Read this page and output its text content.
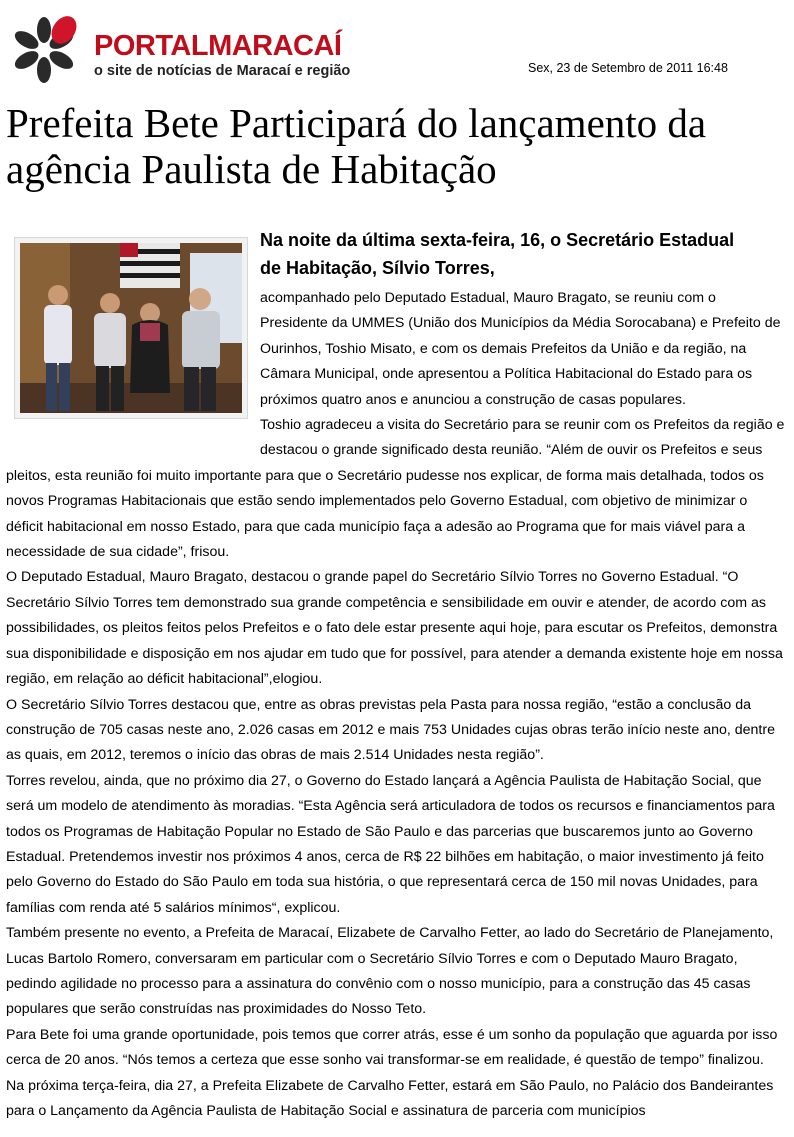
PORTALMARACAÍ
o site de notícias de Maracaí e região	Sex, 23 de Setembro de 2011 16:48
Prefeita Bete Participará do lançamento da agência Paulista de Habitação
Na noite da última sexta-feira, 16, o Secretário Estadual de Habitação, Sílvio Torres,

acompanhado pelo Deputado Estadual, Mauro Bragato, se reuniu com o Presidente da UMMES (União dos Municípios da Média Sorocabana) e Prefeito de Ourinhos, Toshio Misato, e com os demais Prefeitos da União e da região, na Câmara Municipal, onde apresentou a Política Habitacional do Estado para os próximos quatro anos e anunciou a construção de casas populares.

Toshio agradeceu a visita do Secretário para se reunir com os Prefeitos da região e destacou o grande significado desta reunião. “Além de ouvir os Prefeitos e seus pleitos, esta reunião foi muito importante para que o Secretário pudesse nos explicar, de forma mais detalhada, todos os novos Programas Habitacionais que estão sendo implementados pelo Governo Estadual, com objetivo de minimizar o déficit habitacional em nosso Estado, para que cada município faça a adesão ao Programa que for mais viável para a necessidade de sua cidade”, frisou.

O Deputado Estadual, Mauro Bragato, destacou o grande papel do Secretário Sílvio Torres no Governo Estadual. “O Secretário Sílvio Torres tem demonstrado sua grande competência e sensibilidade em ouvir e atender, de acordo com as possibilidades, os pleitos feitos pelos Prefeitos e o fato dele estar presente aqui hoje, para escutar os Prefeitos, demonstra sua disponibilidade e disposição em nos ajudar em tudo que for possível, para atender a demanda existente hoje em nossa região, em relação ao déficit habitacional”,elogiou.

O Secretário Sílvio Torres destacou que, entre as obras previstas pela Pasta para nossa região, “estão a conclusão da construção de 705 casas neste ano, 2.026 casas em 2012 e mais 753 Unidades cujas obras terão início neste ano, dentre as quais, em 2012, teremos o início das obras de mais 2.514 Unidades nesta região”.

Torres revelou, ainda, que no próximo dia 27, o Governo do Estado lançará a Agência Paulista de Habitação Social, que será um modelo de atendimento às moradias. “Esta Agência será articuladora de todos os recursos e financiamentos para todos os Programas de Habitação Popular no Estado de São Paulo e das parcerias que buscaremos junto ao Governo Estadual. Pretendemos investir nos próximos 4 anos, cerca de R$ 22 bilhões em habitação, o maior investimento já feito pelo Governo do Estado do São Paulo em toda sua história, o que representará cerca de 150 mil novas Unidades, para famílias com renda até 5 salários mínimos“, explicou.

Também presente no evento, a Prefeita de Maracaí, Elizabete de Carvalho Fetter, ao lado do Secretário de Planejamento, Lucas Bartolo Romero, conversaram em particular com o Secretário Sílvio Torres e com o Deputado Mauro Bragato, pedindo agilidade no processo para a assinatura do convênio com o nosso município, para a construção das 45 casas populares que serão construídas nas proximidades do Nosso Teto.

Para Bete foi uma grande oportunidade, pois temos que correr atrás, esse é um sonho da população que aguarda por isso cerca de 20 anos. “Nós temos a certeza que esse sonho vai transformar-se em realidade, é questão de tempo” finalizou.

Na próxima terça-feira, dia 27, a Prefeita Elizabete de Carvalho Fetter, estará em São Paulo, no Palácio dos Bandeirantes para o Lançamento da Agência Paulista de Habitação Social e assinatura de parceria com municípios
